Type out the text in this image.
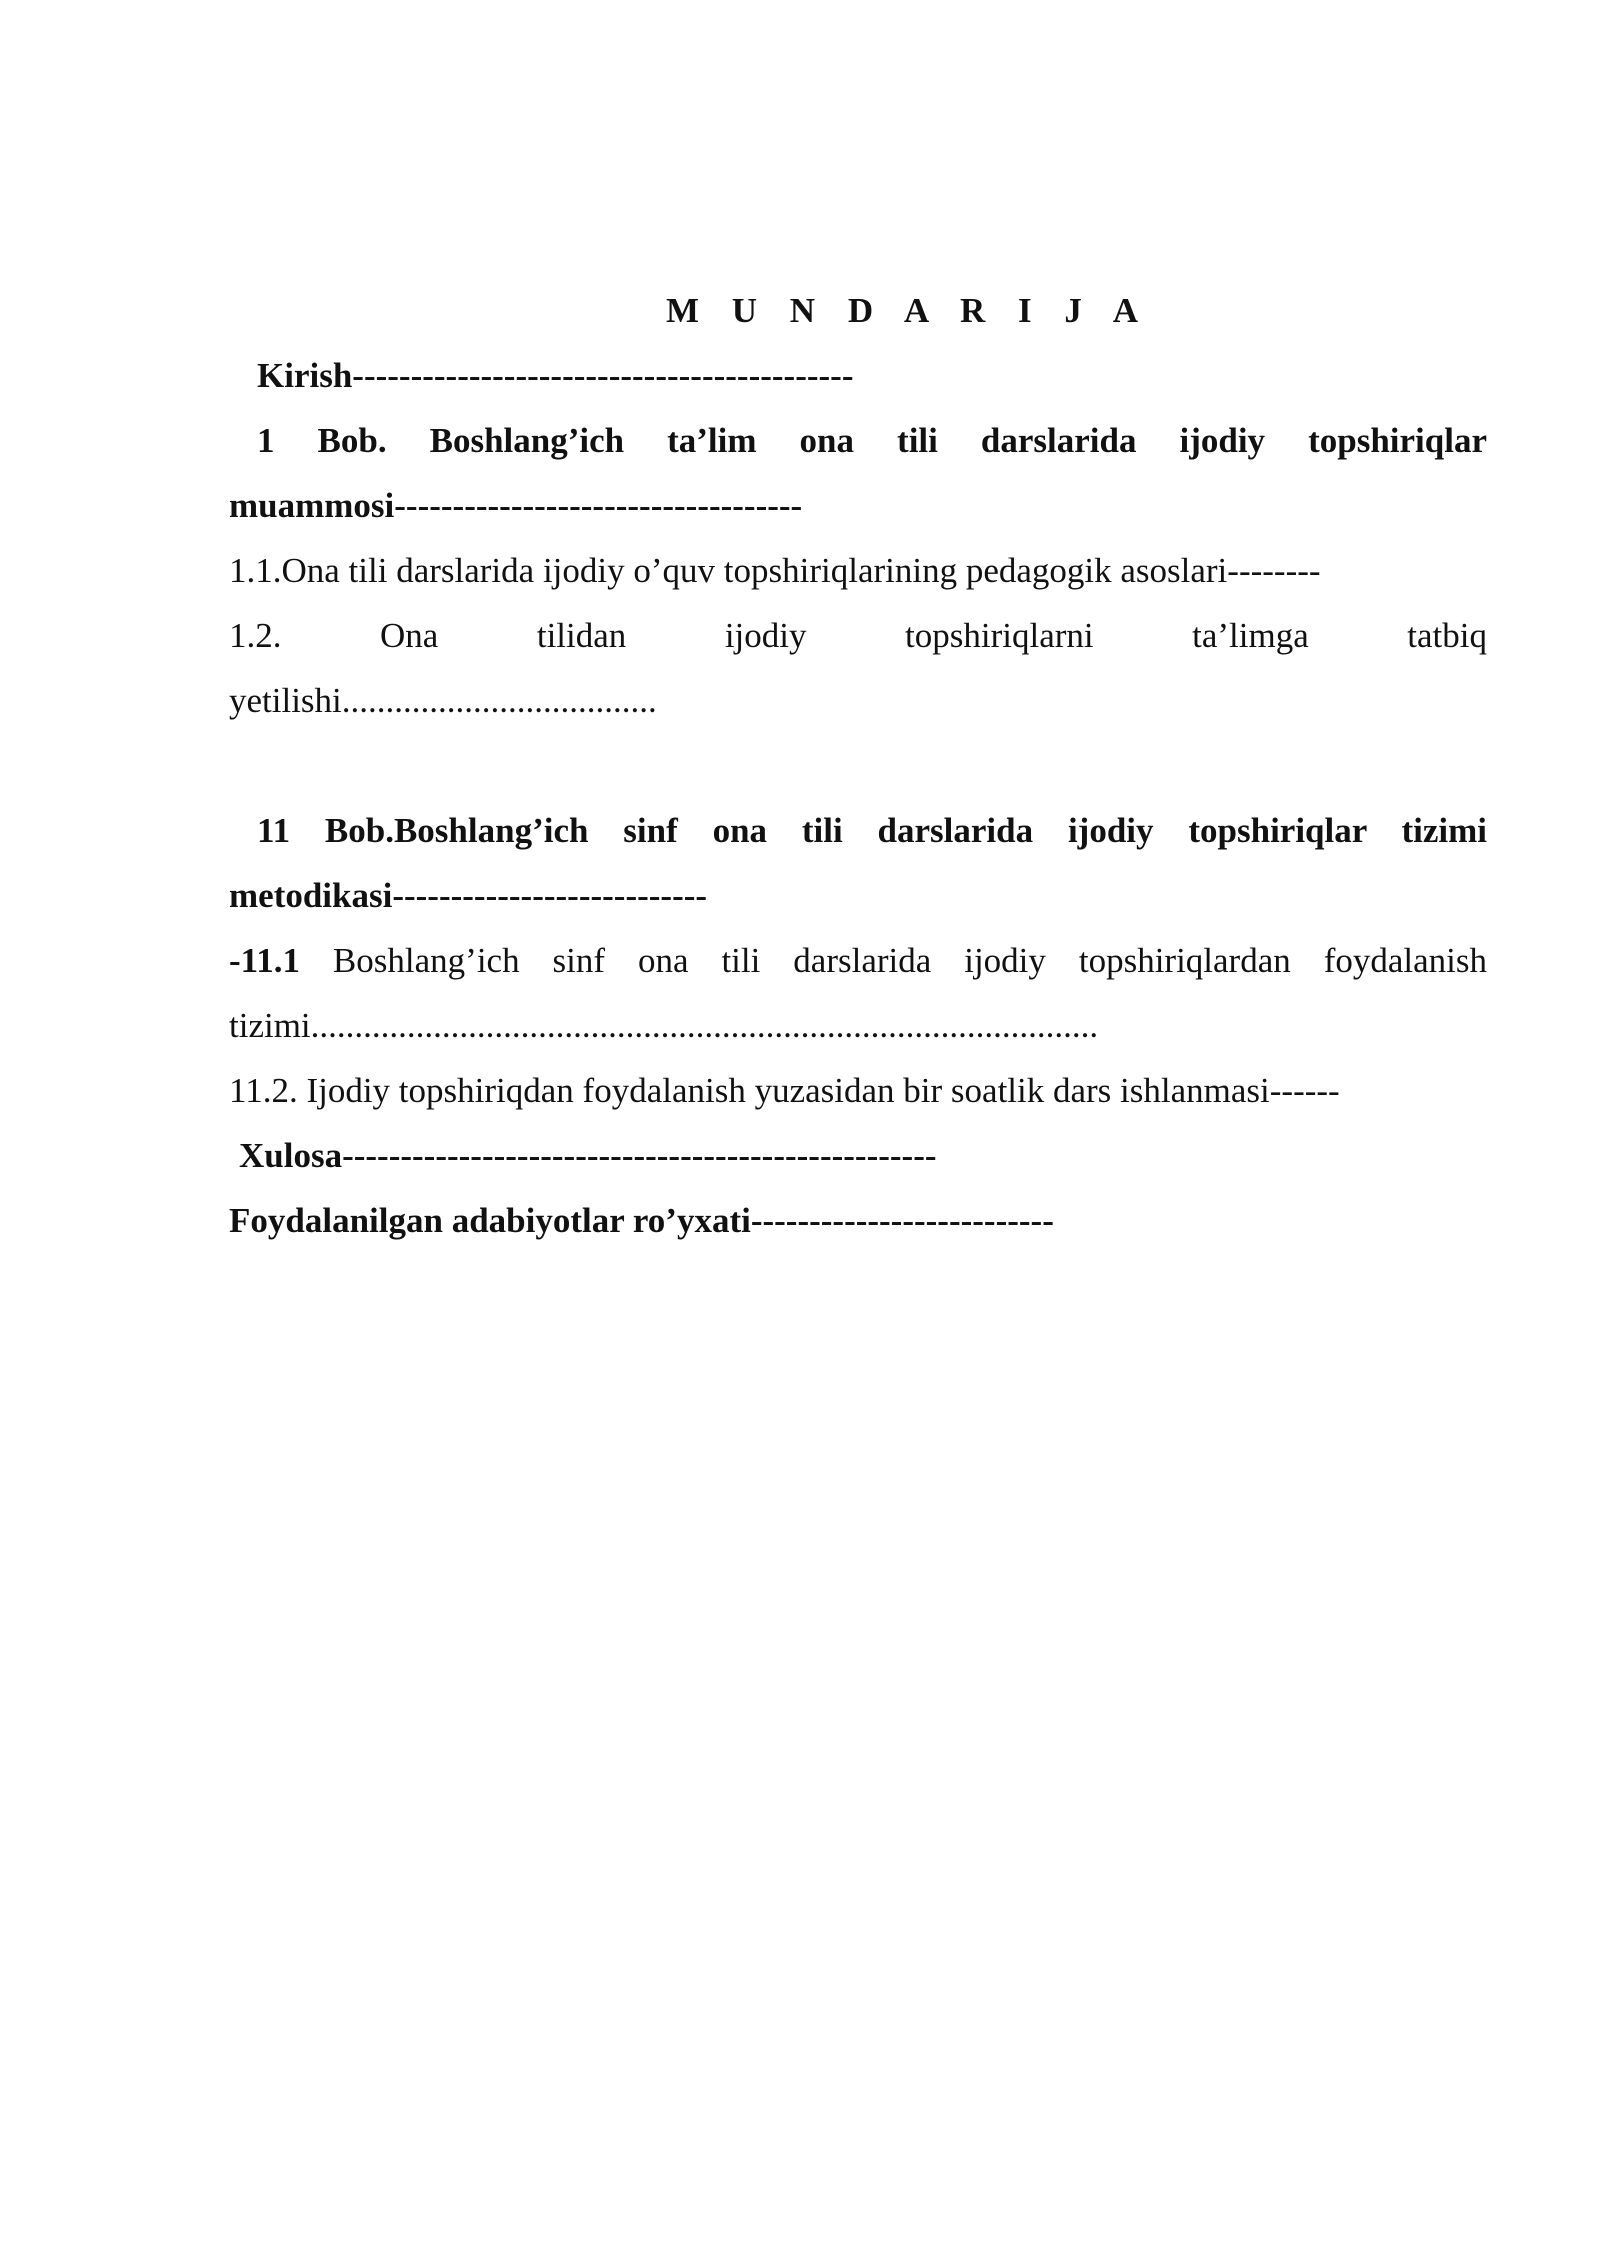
M U N D A R I J A
Kirish-------------------------------------------
1 Bob. Boshlang’ich ta’lim ona tili darslarida ijodiy topshiriqlar
muammosi-----------------------------------
1.1.Ona tili darslarida ijodiy o’quv topshiriqlarining pedagogik asoslari--------
1.2. Ona tilidan ijodiy topshiriqlarni ta’limga tatbiq
yetilishi....................................
11 Bob.Boshlang’ich sinf ona tili darslarida ijodiy topshiriqlar tizimi
metodikasi---------------------------
-11.1 Boshlang’ich sinf ona tili darslarida ijodiy topshiriqlardan foydalanish
tizimi..........................................................................................
11.2. Ijodiy topshiriqdan foydalanish yuzasidan bir soatlik dars ishlanmasi------
Xulosa---------------------------------------------------
Foydalanilgan adabiyotlar ro’yxati--------------------------
